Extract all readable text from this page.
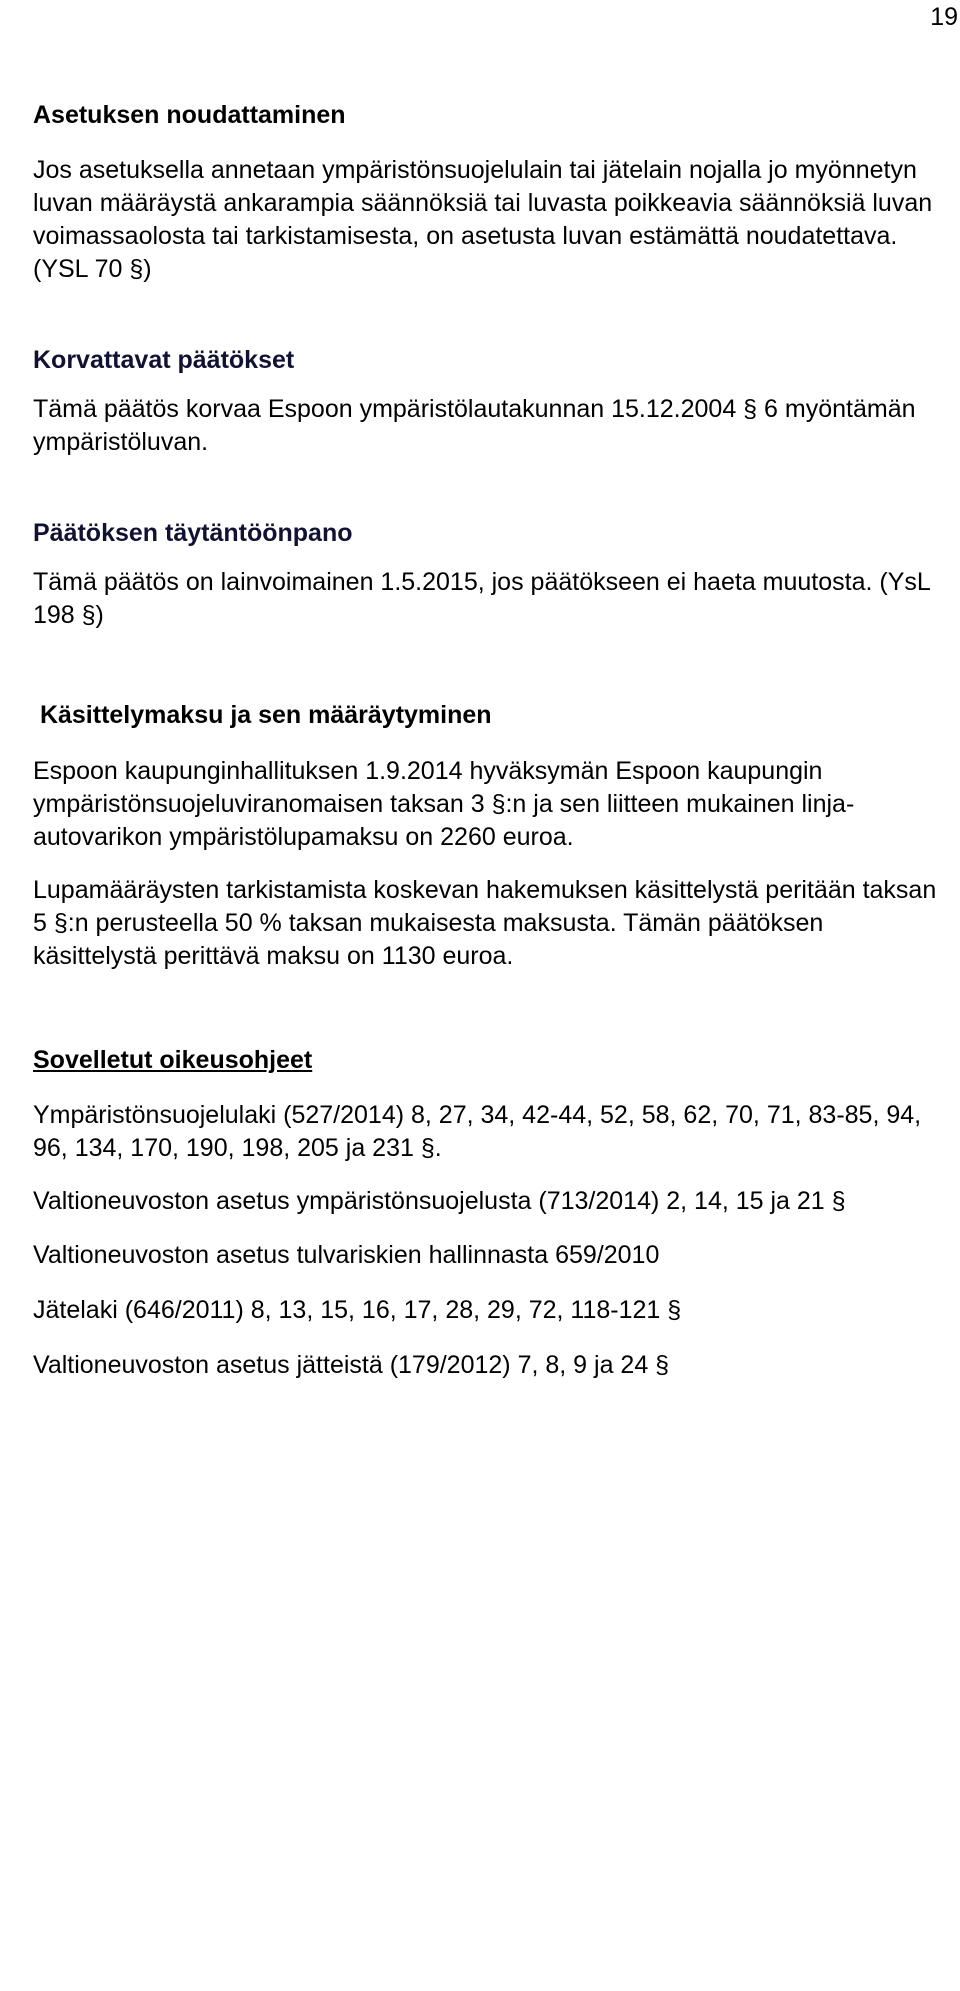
19
Asetuksen noudattaminen

Jos asetuksella annetaan ympäristönsuojelulain tai jätelain nojalla jo myönnetyn luvan määräystä ankarampia säännöksiä tai luvasta poikkeavia säännöksiä luvan voimassaolosta tai tarkistamisesta, on asetusta luvan estämättä noudatettava. (YSL 70 §)

Korvattavat päätökset

Tämä päätös korvaa Espoon ympäristölautakunnan 15.12.2004 § 6 myöntämän ympäristöluvan.

Päätöksen täytäntöönpano

Tämä päätös on lainvoimainen 1.5.2015, jos päätökseen ei haeta muutosta. (YsL 198 §)

Käsittelymaksu ja sen määräytyminen

Espoon kaupunginhallituksen 1.9.2014 hyväksymän Espoon kaupungin ympäristönsuojeluviranomaisen taksan 3 §:n ja sen liitteen mukainen linja-autovarikon ympäristölupamaksu on 2260 euroa.

Lupamääräysten tarkistamista koskevan hakemuksen käsittelystä peritään taksan 5 §:n perusteella 50 % taksan mukaisesta maksusta. Tämän päätöksen käsittelystä perittävä maksu on 1130 euroa.

Sovelletut oikeusohjeet

Ympäristönsuojelulaki (527/2014) 8, 27, 34, 42-44, 52, 58, 62, 70, 71, 83-85, 94, 96, 134, 170, 190, 198, 205 ja 231 §.

Valtioneuvoston asetus ympäristönsuojelusta (713/2014) 2, 14, 15 ja 21 §

Valtioneuvoston asetus tulvariskien hallinnasta 659/2010

Jätelaki (646/2011) 8, 13, 15, 16, 17, 28, 29, 72, 118-121 §

Valtioneuvoston asetus jätteistä (179/2012) 7, 8, 9 ja 24 §
